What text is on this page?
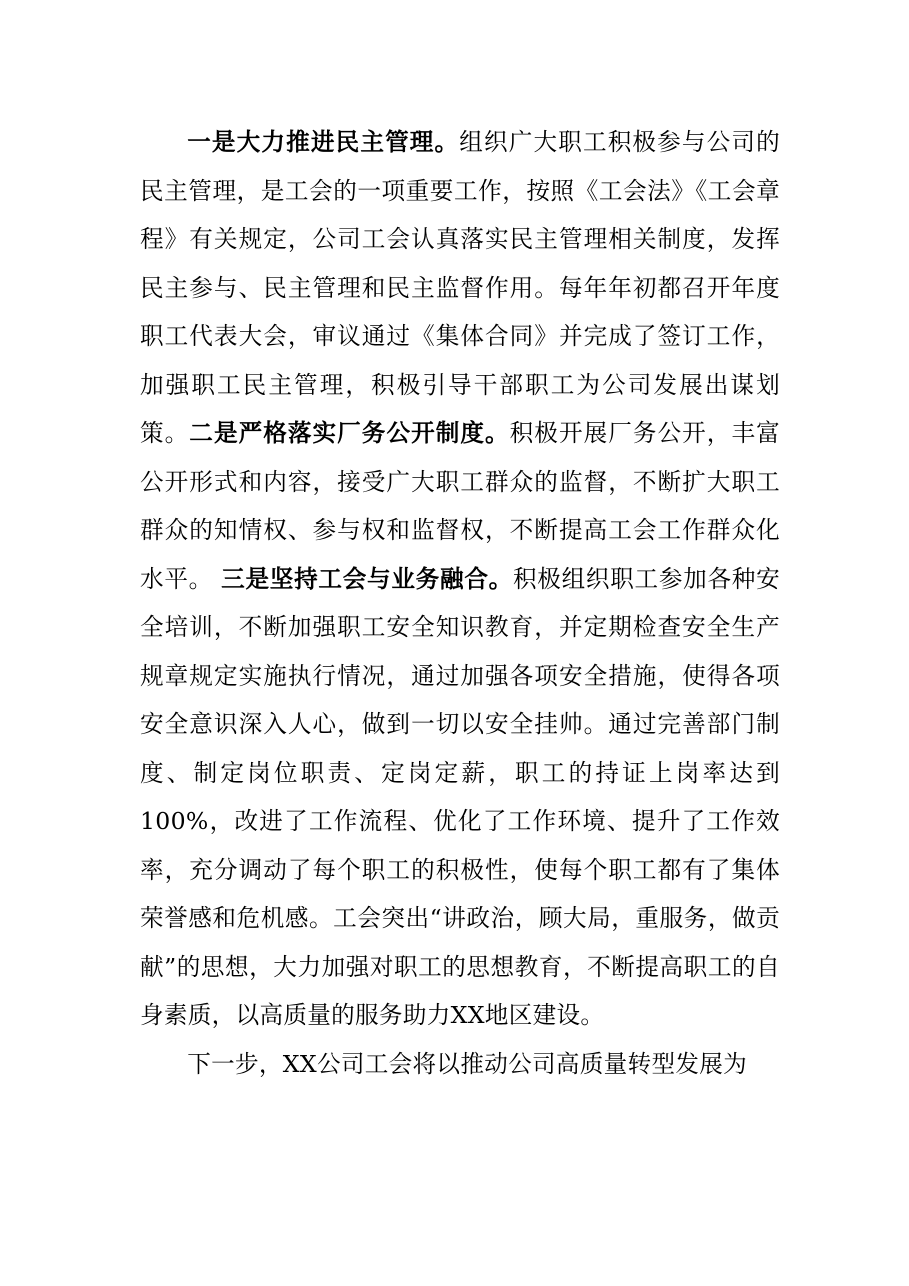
一是大力推进民主管理。组织广大职工积极参与公司的民主管理，是工会的一项重要工作，按照《工会法》《工会章程》有关规定，公司工会认真落实民主管理相关制度，发挥民主参与、民主管理和民主监督作用。每年年初都召开年度职工代表大会，审议通过《集体合同》并完成了签订工作，加强职工民主管理，积极引导干部职工为公司发展出谋划策。二是严格落实厂务公开制度。积极开展厂务公开，丰富公开形式和内容，接受广大职工群众的监督，不断扩大职工群众的知情权、参与权和监督权，不断提高工会工作群众化水平。 三是坚持工会与业务融合。积极组织职工参加各种安全培训，不断加强职工安全知识教育，并定期检查安全生产规章规定实施执行情况，通过加强各项安全措施，使得各项安全意识深入人心，做到一切以安全挂帅。通过完善部门制度、制定岗位职责、定岗定薪，职工的持证上岗率达到100%，改进了工作流程、优化了工作环境、提升了工作效率，充分调动了每个职工的积极性，使每个职工都有了集体荣誉感和危机感。工会突出“讲政治，顾大局，重服务，做贡献”的思想，大力加强对职工的思想教育，不断提高职工的自身素质，以高质量的服务助力XX地区建设。

下一步，XX公司工会将以推动公司高质量转型发展为
